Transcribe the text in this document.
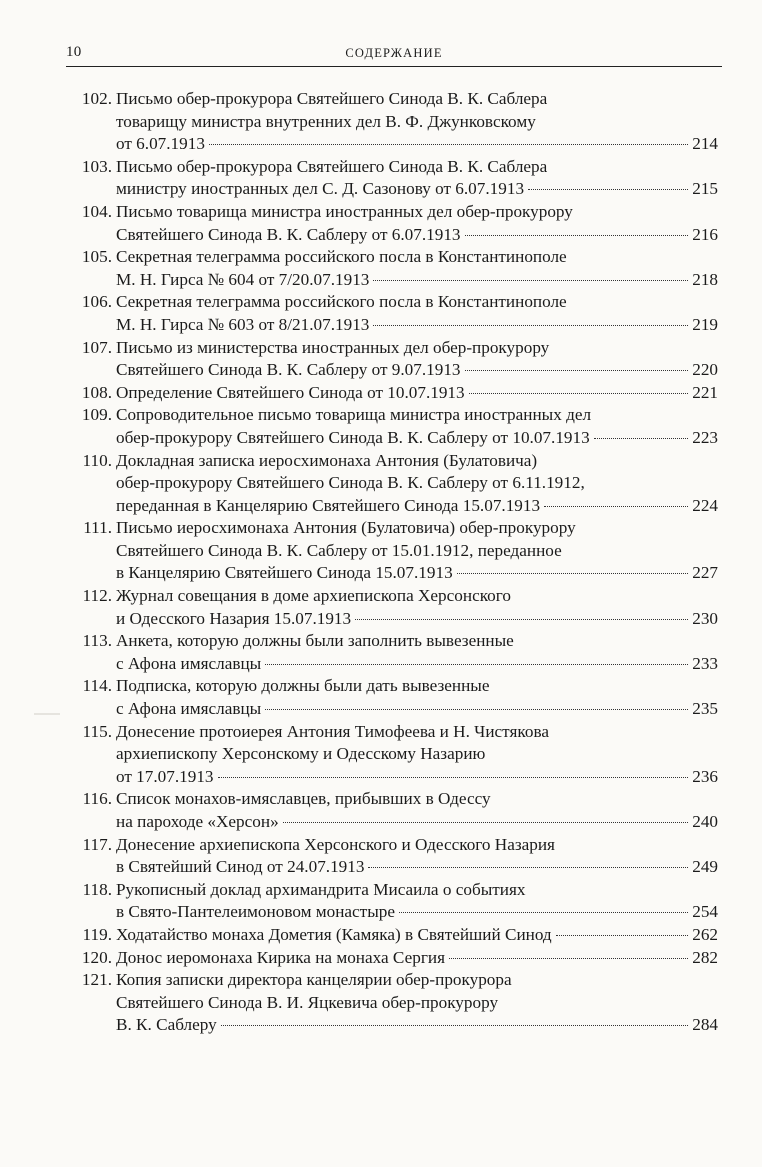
10	СОДЕРЖАНИЕ
102. Письмо обер-прокурора Святейшего Синода В. К. Саблера
товарищу министра внутренних дел В. Ф. Джунковскому
от 6.07.1913	214
103. Письмо обер-прокурора Святейшего Синода В. К. Саблера
министру иностранных дел С. Д. Сазонову от 6.07.1913	215
104. Письмо товарища министра иностранных дел обер-прокурору
Святейшего Синода В. К. Саблеру от 6.07.1913	216
105. Секретная телеграмма российского посла в Константинополе
М. Н. Гирса № 604 от 7/20.07.1913	218
106. Секретная телеграмма российского посла в Константинополе
М. Н. Гирса № 603 от 8/21.07.1913	219
107. Письмо из министерства иностранных дел обер-прокурору
Святейшего Синода В. К. Саблеру от 9.07.1913	220
108. Определение Святейшего Синода от 10.07.1913	221
109. Сопроводительное письмо товарища министра иностранных дел
обер-прокурору Святейшего Синода В. К. Саблеру от 10.07.1913	223
110. Докладная записка иеросхимонаха Антония (Булатовича)
обер-прокурору Святейшего Синода В. К. Саблеру от 6.11.1912,
переданная в Канцелярию Святейшего Синода 15.07.1913	224
111. Письмо иеросхимонаха Антония (Булатовича) обер-прокурору
Святейшего Синода В. К. Саблеру от 15.01.1912, переданное
в Канцелярию Святейшего Синода 15.07.1913	227
112. Журнал совещания в доме архиепископа Херсонского
и Одесского Назария 15.07.1913	230
113. Анкета, которую должны были заполнить вывезенные
с Афона имяславцы	233
114. Подписка, которую должны были дать вывезенные
с Афона имяславцы	235
115. Донесение протоиерея Антония Тимофеева и Н. Чистякова
архиепископу Херсонскому и Одесскому Назарию
от 17.07.1913	236
116. Список монахов-имяславцев, прибывших в Одессу
на пароходе «Херсон»	240
117. Донесение архиепископа Херсонского и Одесского Назария
в Святейший Синод от 24.07.1913	249
118. Рукописный доклад архимандрита Мисаила о событиях
в Свято-Пантелеимоновом монастыре	254
119. Ходатайство монаха Дометия (Камяка) в Святейший Синод	262
120. Донос иеромонаха Кирика на монаха Сергия	282
121. Копия записки директора канцелярии обер-прокурора
Святейшего Синода В. И. Яцкевича обер-прокурору
В. К. Саблеру	284
